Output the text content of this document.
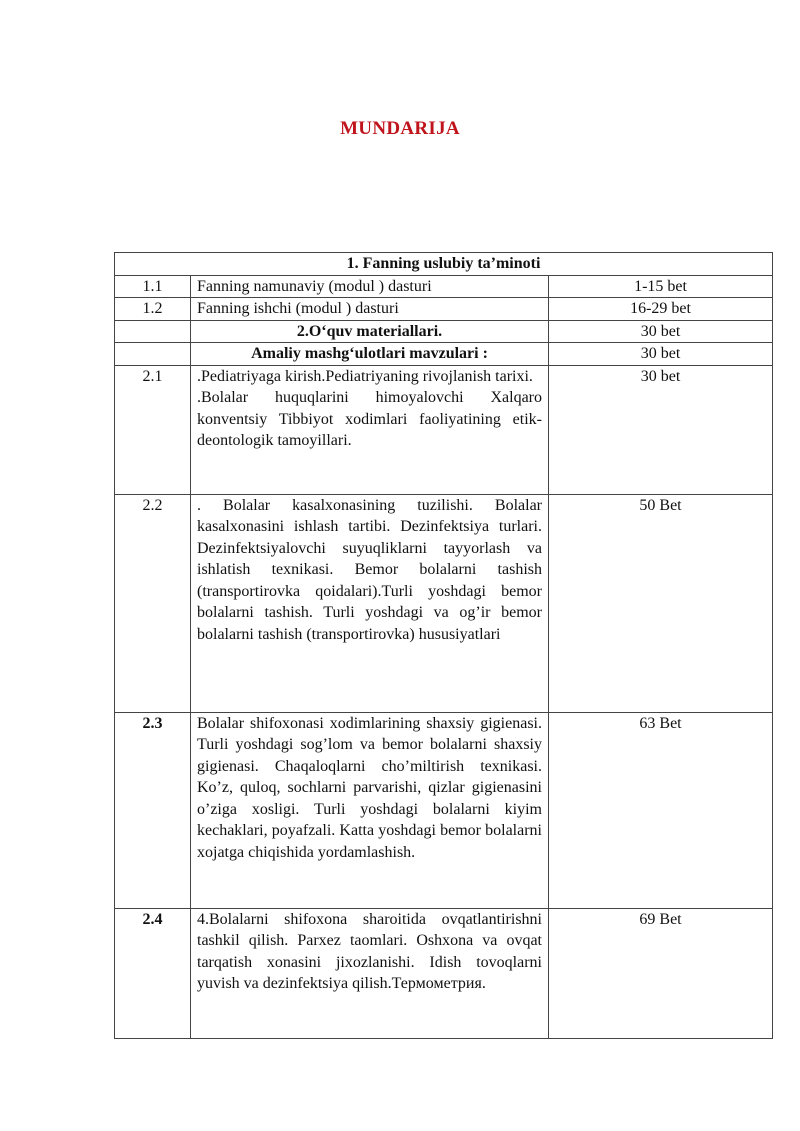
MUNDARIJA
1. Fanning uslubiy ta’minoti		
1.1	Fanning namunaviy (modul ) dasturi	1-15 bet
1.2	Fanning ishchi (modul ) dasturi	16-29 bet
	2.O‘quv materiallari.	30 bet
	Amaliy mashg‘ulotlari mavzulari :	30 bet
2.1	.Pediatriyaga kirish.Pediatriyaning rivojlanish tarixi.
.Bolalar huquqlarini himoyalovchi Xalqaro konventsiy Tibbiyot xodimlari faoliyatining etik-deontologik tamoyillari.	30 bet
2.2	. Bolalar kasalxonasining tuzilishi. Bolalar kasalxonasini ishlash tartibi. Dezinfektsiya turlari. Dezinfektsiyalovchi suyuqliklarni tayyorlash va ishlatish texnikasi. Bemor bolalarni tashish (transportirovka qoidalari).Turli yoshdagi bemor bolalarni tashish. Turli yoshdagi va og’ir bemor bolalarni tashish (transportirovka) hususiyatlari	50 Bet
2.3	Bolalar shifoxonasi xodimlarining shaxsiy gigienasi. Turli yoshdagi sog’lom va bemor bolalarni shaxsiy gigienasi. Chaqaloqlarni cho’miltirish texnikasi. Ko’z, quloq, sochlarni parvarishi, qizlar gigienasini o’ziga xosligi. Turli yoshdagi bolalarni kiyim kechaklari, poyafzali. Katta yoshdagi bemor bolalarni xojatga chiqishida yordamlashish.	63 Bet
2.4	4.Bolalarni shifoxona sharoitida ovqatlantirishni tashkil qilish. Parxez taomlari. Oshxona va ovqat tarqatish xonasini jixozlanishi. Idish tovoqlarni yuvish va dezinfektsiya qilish.Термометрия.	69 Bet
